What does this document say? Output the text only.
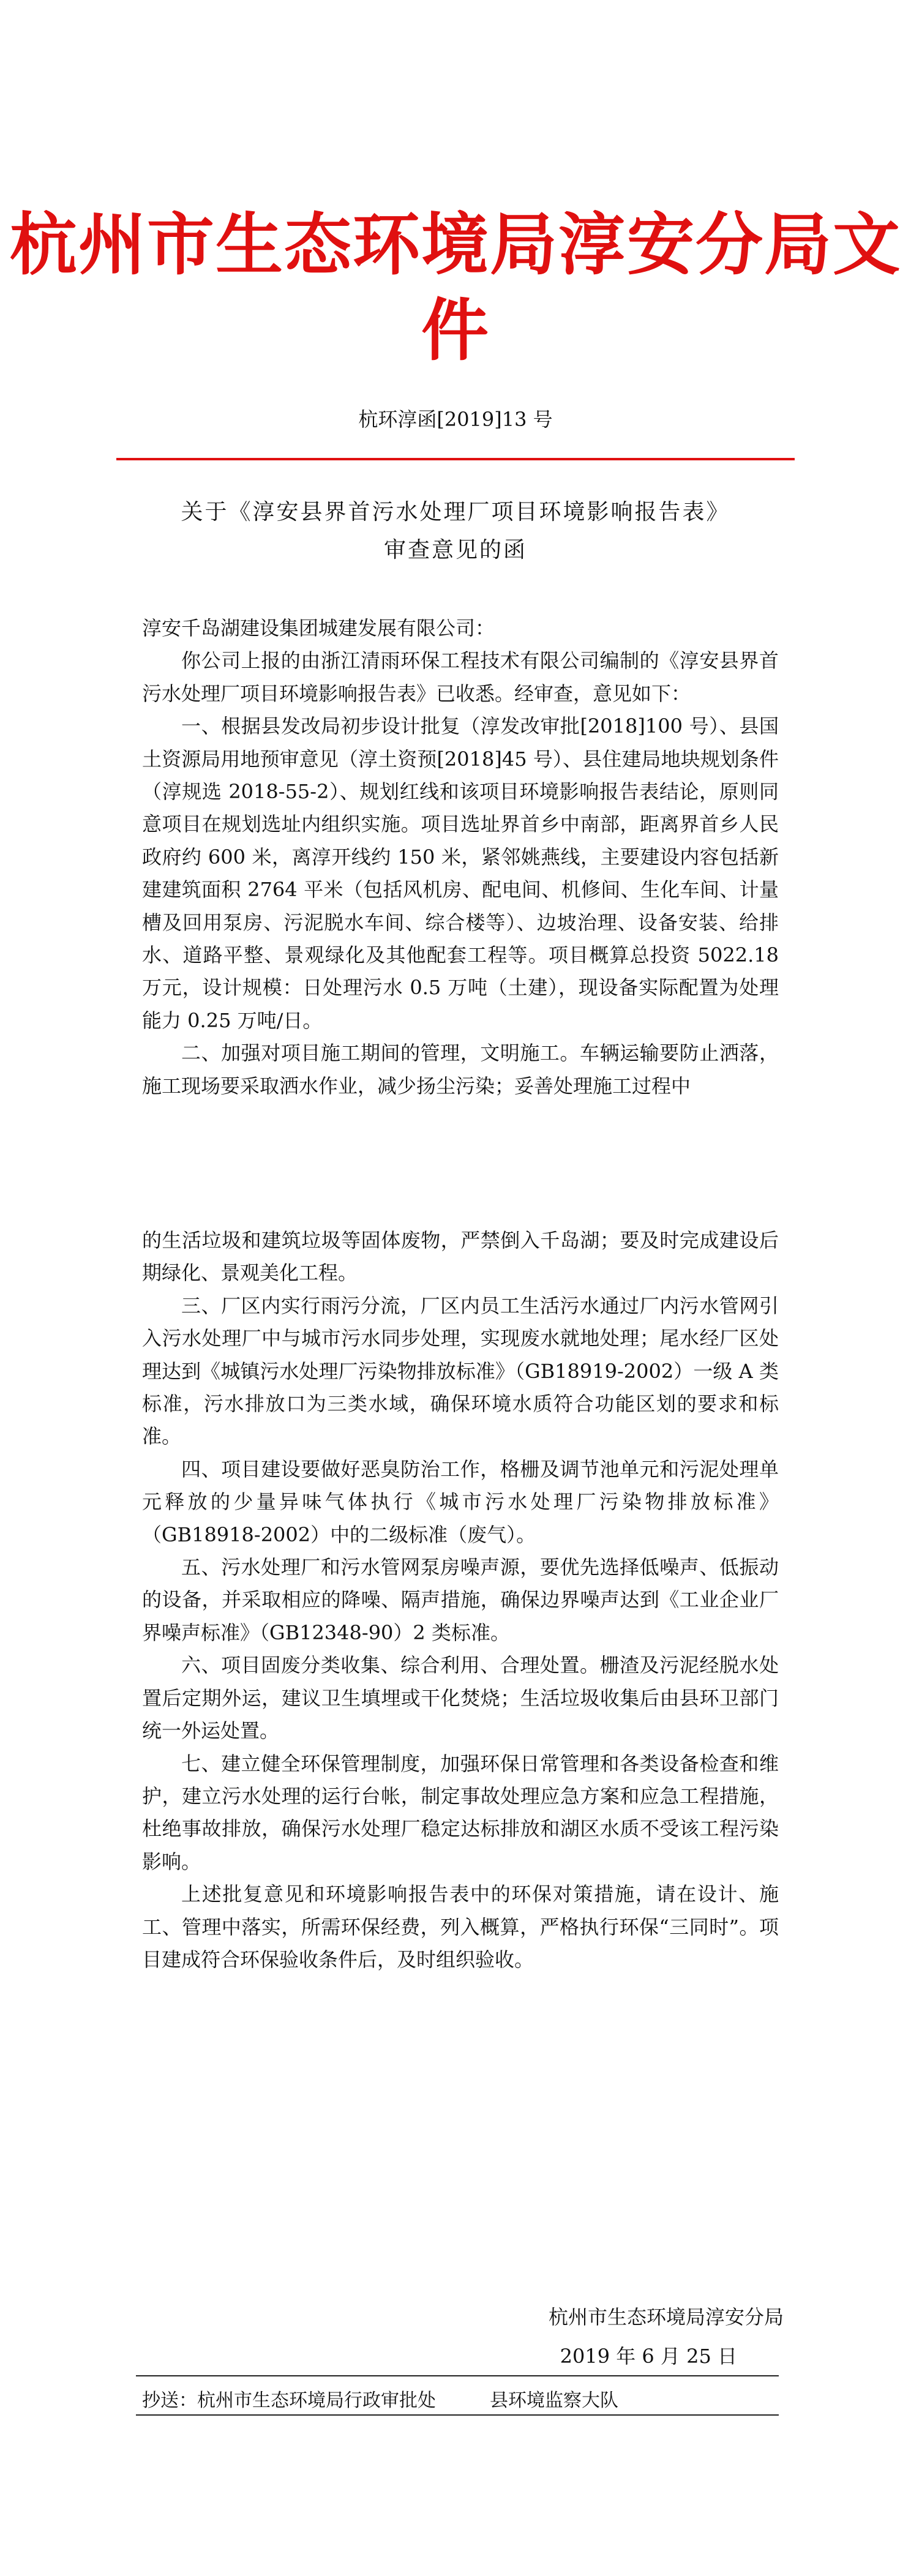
杭州市生态环境局淳安分局文件
杭环淳函[2019]13 号
关于《淳安县界首污水处理厂项目环境影响报告表》
审查意见的函

淳安千岛湖建设集团城建发展有限公司：

你公司上报的由浙江清雨环保工程技术有限公司编制的《淳安县界首污水处理厂项目环境影响报告表》已收悉。经审查，意见如下：

一、根据县发改局初步设计批复（淳发改审批[2018]100 号）、县国土资源局用地预审意见（淳土资预[2018]45 号）、县住建局地块规划条件（淳规选 2018-55-2）、规划红线和该项目环境影响报告表结论，原则同意项目在规划选址内组织实施。项目选址界首乡中南部，距离界首乡人民政府约 600 米，离淳开线约 150 米，紧邻姚燕线，主要建设内容包括新建建筑面积 2764 平米（包括风机房、配电间、机修间、生化车间、计量槽及回用泵房、污泥脱水车间、综合楼等）、边坡治理、设备安装、给排水、道路平整、景观绿化及其他配套工程等。项目概算总投资 5022.18 万元，设计规模：日处理污水 0.5 万吨（土建），现设备实际配置为处理能力 0.25 万吨/日。

二、加强对项目施工期间的管理，文明施工。车辆运输要防止洒落，施工现场要采取洒水作业，减少扬尘污染；妥善处理施工过程中

的生活垃圾和建筑垃圾等固体废物，严禁倒入千岛湖；要及时完成建设后期绿化、景观美化工程。

三、厂区内实行雨污分流，厂区内员工生活污水通过厂内污水管网引入污水处理厂中与城市污水同步处理，实现废水就地处理；尾水经厂区处理达到《城镇污水处理厂污染物排放标准》（GB18919-2002）一级 A 类标准，污水排放口为三类水域，确保环境水质符合功能区划的要求和标准。

四、项目建设要做好恶臭防治工作，格栅及调节池单元和污泥处理单元释放的少量异味气体执行《城市污水处理厂污染物排放标准》（GB18918-2002）中的二级标准（废气）。

五、污水处理厂和污水管网泵房噪声源，要优先选择低噪声、低振动的设备，并采取相应的降噪、隔声措施，确保边界噪声达到《工业企业厂界噪声标准》（GB12348-90）2 类标准。

六、项目固废分类收集、综合利用、合理处置。栅渣及污泥经脱水处置后定期外运，建议卫生填埋或干化焚烧；生活垃圾收集后由县环卫部门统一外运处置。

七、建立健全环保管理制度，加强环保日常管理和各类设备检查和维护，建立污水处理的运行台帐，制定事故处理应急方案和应急工程措施，杜绝事故排放，确保污水处理厂稳定达标排放和湖区水质不受该工程污染影响。

上述批复意见和环境影响报告表中的环保对策措施，请在设计、施工、管理中落实，所需环保经费，列入概算，严格执行环保“三同时”。项目建成符合环保验收条件后，及时组织验收。

杭州市生态环境局淳安分局
2019 年 6 月 25 日
抄送：杭州市生态环境局行政审批处	县环境监察大队
